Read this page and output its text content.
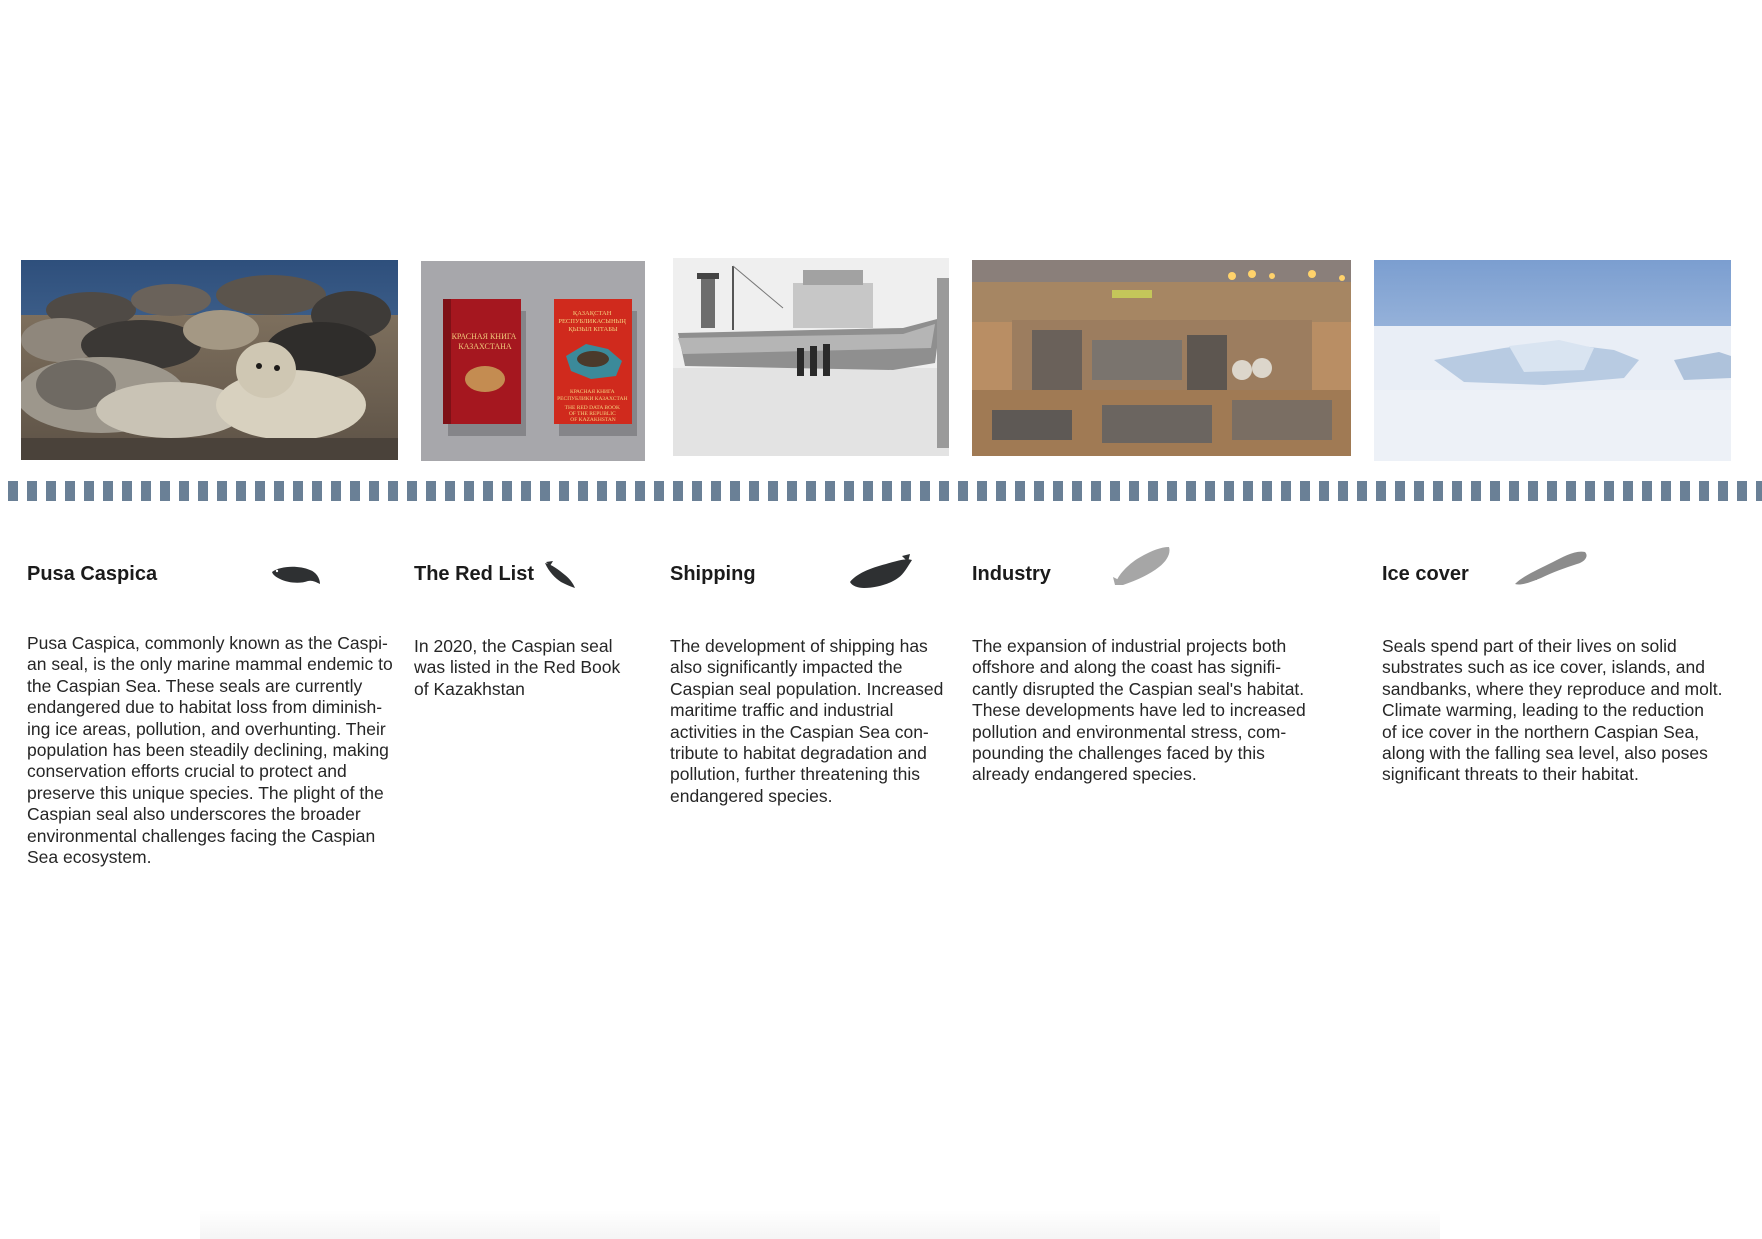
КРАСНАЯ КНИГА КАЗАХСТАНА
ҚАЗАҚСТАН РЕСПУБЛИКАСЫНЫҢ ҚЫЗЫЛ КІТАБЫ
КРАСНАЯ КНИГА РЕСПУБЛИКИ КАЗАХСТАН THE RED DATA BOOK OF THE REPUBLIC OF KAZAKHSTAN
Pusa Caspica

Pusa Caspica, commonly known as the Caspi-
an seal, is the only marine mammal endemic to
the Caspian Sea. These seals are currently
endangered due to habitat loss from diminish-
ing ice areas, pollution, and overhunting. Their
population has been steadily declining, making
conservation efforts crucial to protect and
preserve this unique species. The plight of the
Caspian seal also underscores the broader
environmental challenges facing the Caspian
Sea ecosystem.

The Red List

In 2020, the Caspian seal
was listed in the Red Book
of Kazakhstan

Shipping

The development of shipping has
also significantly impacted the
Caspian seal population. Increased
maritime traffic and industrial
activities in the Caspian Sea con-
tribute to habitat degradation and
pollution, further threatening this
endangered species.

Industry

The expansion of industrial projects both
offshore and along the coast has signifi-
cantly disrupted the Caspian seal's habitat.
These developments have led to increased
pollution and environmental stress, com-
pounding the challenges faced by this
already endangered species.

Ice cover

Seals spend part of their lives on solid
substrates such as ice cover, islands, and
sandbanks, where they reproduce and molt.
Climate warming, leading to the reduction
of ice cover in the northern Caspian Sea,
along with the falling sea level, also poses
significant threats to their habitat.
